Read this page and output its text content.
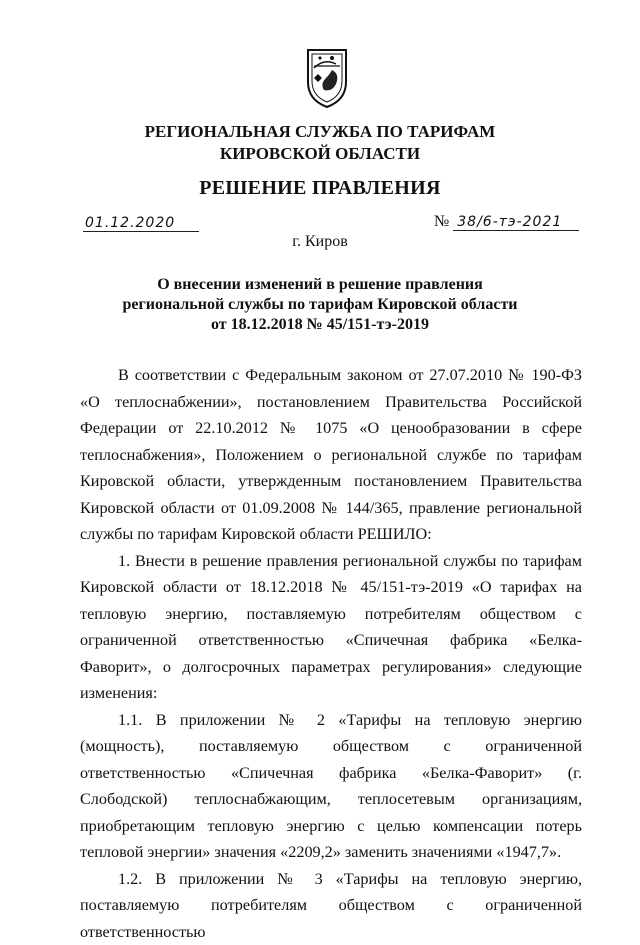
РЕГИОНАЛЬНАЯ СЛУЖБА ПО ТАРИФАМ
КИРОВСКОЙ ОБЛАСТИ
РЕШЕНИЕ ПРАВЛЕНИЯ
01.12.2020	№ 38/6-тэ-2021
г. Киров
О внесении изменений в решение правления
региональной службы по тарифам Кировской области
от 18.12.2018 № 45/151-тэ-2019

В соответствии с Федеральным законом от 27.07.2010 № 190-ФЗ «О теплоснабжении», постановлением Правительства Российской Федерации от 22.10.2012 № 1075 «О ценообразовании в сфере теплоснабжения», Положением о региональной службе по тарифам Кировской области, утвержденным постановлением Правительства Кировской области от 01.09.2008 № 144/365, правление региональной службы по тарифам Кировской области РЕШИЛО:

1. Внести в решение правления региональной службы по тарифам Кировской области от 18.12.2018 № 45/151-тэ-2019 «О тарифах на тепловую энергию, поставляемую потребителям обществом с ограниченной ответственностью «Спичечная фабрика «Белка-Фаворит», о долгосрочных параметрах регулирования» следующие изменения:

1.1. В приложении № 2 «Тарифы на тепловую энергию (мощность), поставляемую обществом с ограниченной ответственностью «Спичечная фабрика «Белка-Фаворит» (г. Слободской) теплоснабжающим, теплосетевым организациям, приобретающим тепловую энергию с целью компенсации потерь тепловой энергии» значения «2209,2» заменить значениями «1947,7».

1.2. В приложении № 3 «Тарифы на тепловую энергию, поставляемую потребителям обществом с ограниченной ответственностью
